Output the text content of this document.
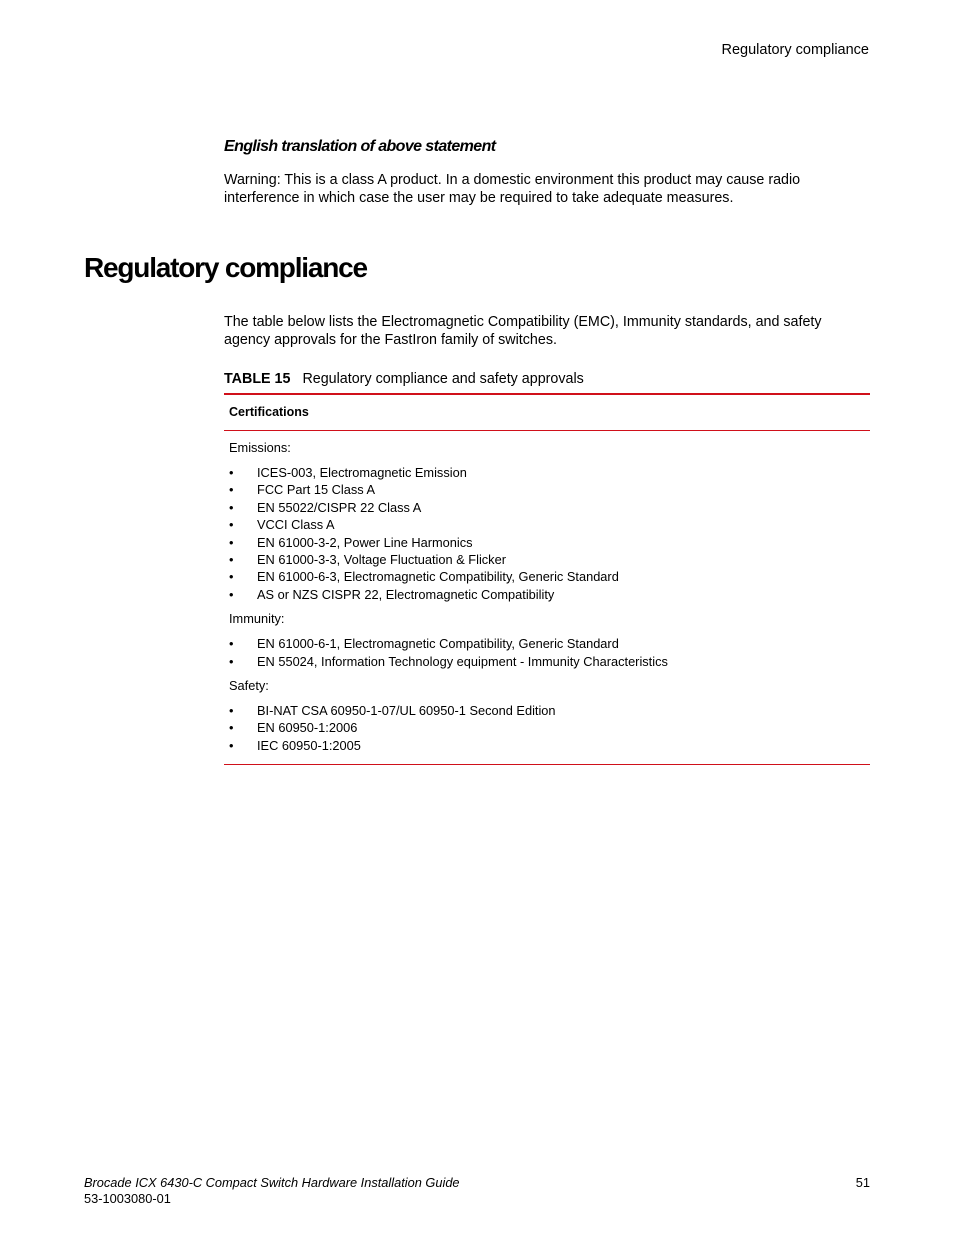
Regulatory compliance
English translation of above statement

Warning: This is a class A product. In a domestic environment this product may cause radio interference in which case the user may be required to take adequate measures.

Regulatory compliance

The table below lists the Electromagnetic Compatibility (EMC), Immunity standards, and safety agency approvals for the FastIron family of switches.

TABLE 15 Regulatory compliance and safety approvals
Certifications
Emissions:
• ICES-003, Electromagnetic Emission
• FCC Part 15 Class A
• EN 55022/CISPR 22 Class A
• VCCI Class A
• EN 61000-3-2, Power Line Harmonics
• EN 61000-3-3, Voltage Fluctuation & Flicker
• EN 61000-6-3, Electromagnetic Compatibility, Generic Standard
• AS or NZS CISPR 22, Electromagnetic Compatibility
Immunity:
• EN 61000-6-1, Electromagnetic Compatibility, Generic Standard
• EN 55024, Information Technology equipment - Immunity Characteristics
Safety:
• BI-NAT CSA 60950-1-07/UL 60950-1 Second Edition
• EN 60950-1:2006
• IEC 60950-1:2005
Brocade ICX 6430-C Compact Switch Hardware Installation Guide
53-1003080-01
51
